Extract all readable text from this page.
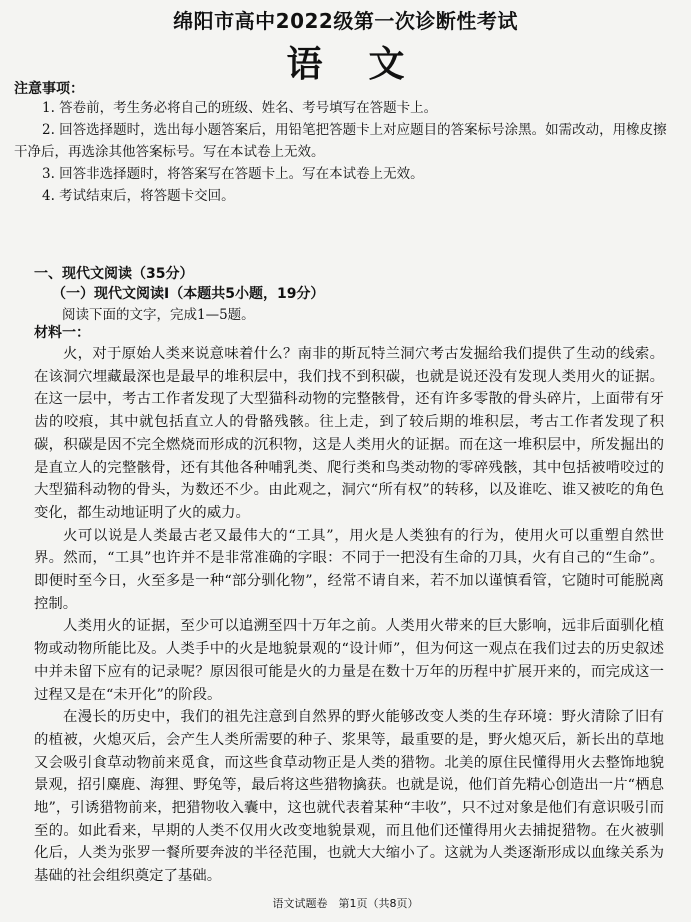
绵阳市高中2022级第一次诊断性考试
语文
注意事项：

1. 答卷前，考生务必将自己的班级、姓名、考号填写在答题卡上。

2. 回答选择题时，选出每小题答案后，用铅笔把答题卡上对应题目的答案标号涂黑。如需改动，用橡皮擦干净后，再选涂其他答案标号。写在本试卷上无效。

3. 回答非选择题时，将答案写在答题卡上。写在本试卷上无效。

4. 考试结束后，将答题卡交回。

一、现代文阅读（35分）
（一）现代文阅读Ⅰ（本题共5小题，19分）
阅读下面的文字，完成1—5题。
材料一：

火，对于原始人类来说意味着什么？南非的斯瓦特兰洞穴考古发掘给我们提供了生动的线索。在该洞穴埋藏最深也是最早的堆积层中，我们找不到积碳，也就是说还没有发现人类用火的证据。在这一层中，考古工作者发现了大型猫科动物的完整骸骨，还有许多零散的骨头碎片，上面带有牙齿的咬痕，其中就包括直立人的骨骼残骸。往上走，到了较后期的堆积层，考古工作者发现了积碳，积碳是因不完全燃烧而形成的沉积物，这是人类用火的证据。而在这一堆积层中，所发掘出的是直立人的完整骸骨，还有其他各种哺乳类、爬行类和鸟类动物的零碎残骸，其中包括被啃咬过的大型猫科动物的骨头，为数还不少。由此观之，洞穴“所有权”的转移，以及谁吃、谁又被吃的角色变化，都生动地证明了火的威力。

火可以说是人类最古老又最伟大的“工具”，用火是人类独有的行为，使用火可以重塑自然世界。然而，“工具”也许并不是非常准确的字眼：不同于一把没有生命的刀具，火有自己的“生命”。即便时至今日，火至多是一种“部分驯化物”，经常不请自来，若不加以谨慎看管，它随时可能脱离控制。

人类用火的证据，至少可以追溯至四十万年之前。人类用火带来的巨大影响，远非后面驯化植物或动物所能比及。人类手中的火是地貌景观的“设计师”，但为何这一观点在我们过去的历史叙述中并未留下应有的记录呢？原因很可能是火的力量是在数十万年的历程中扩展开来的，而完成这一过程又是在“未开化”的阶段。

在漫长的历史中，我们的祖先注意到自然界的野火能够改变人类的生存环境：野火清除了旧有的植被，火熄灭后，会产生人类所需要的种子、浆果等，最重要的是，野火熄灭后，新长出的草地又会吸引食草动物前来觅食，而这些食草动物正是人类的猎物。北美的原住民懂得用火去整饰地貌景观，招引麋鹿、海狸、野兔等，最后将这些猎物擒获。也就是说，他们首先精心创造出一片“栖息地”，引诱猎物前来，把猎物收入囊中，这也就代表着某种“丰收”，只不过对象是他们有意识吸引而至的。如此看来，早期的人类不仅用火改变地貌景观，而且他们还懂得用火去捕捉猎物。在火被驯化后，人类为张罗一餐所要奔波的半径范围，也就大大缩小了。这就为人类逐渐形成以血缘关系为基础的社会组织奠定了基础。

语文试题卷　第1页（共8页）
